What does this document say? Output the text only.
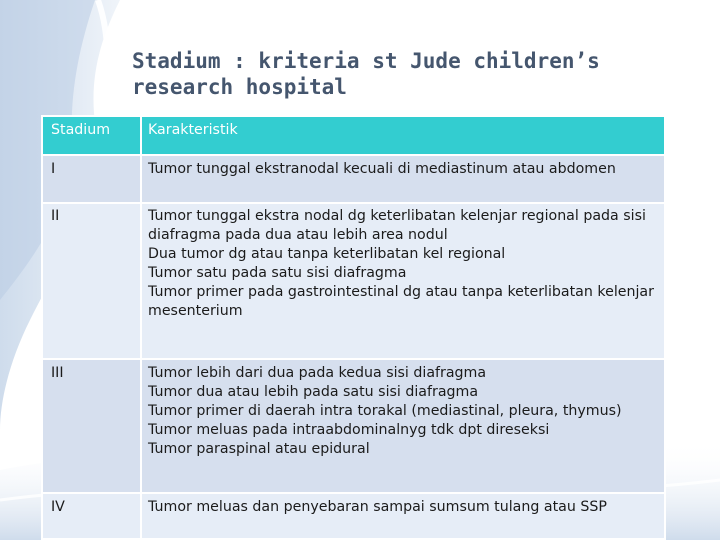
Stadium : kriteria st Jude children’s
research hospital
Stadium	Karakteristik
I	Tumor tunggal ekstranodal kecuali di mediastinum atau abdomen

II	Tumor tunggal ekstra nodal dg keterlibatan kelenjar regional pada sisi diafragma pada dua atau lebih area nodul
Dua tumor dg atau tanpa keterlibatan kel regional
Tumor satu pada satu sisi diafragma
Tumor primer pada gastrointestinal dg atau tanpa keterlibatan kelenjar mesenterium

III	Tumor lebih dari dua pada kedua sisi diafragma
Tumor dua atau lebih pada satu sisi diafragma
Tumor primer di daerah intra torakal (mediastinal, pleura, thymus)
Tumor meluas pada intraabdominalnyg tdk dpt direseksi
Tumor paraspinal atau epidural

IV	Tumor meluas dan penyebaran sampai sumsum tulang atau SSP
